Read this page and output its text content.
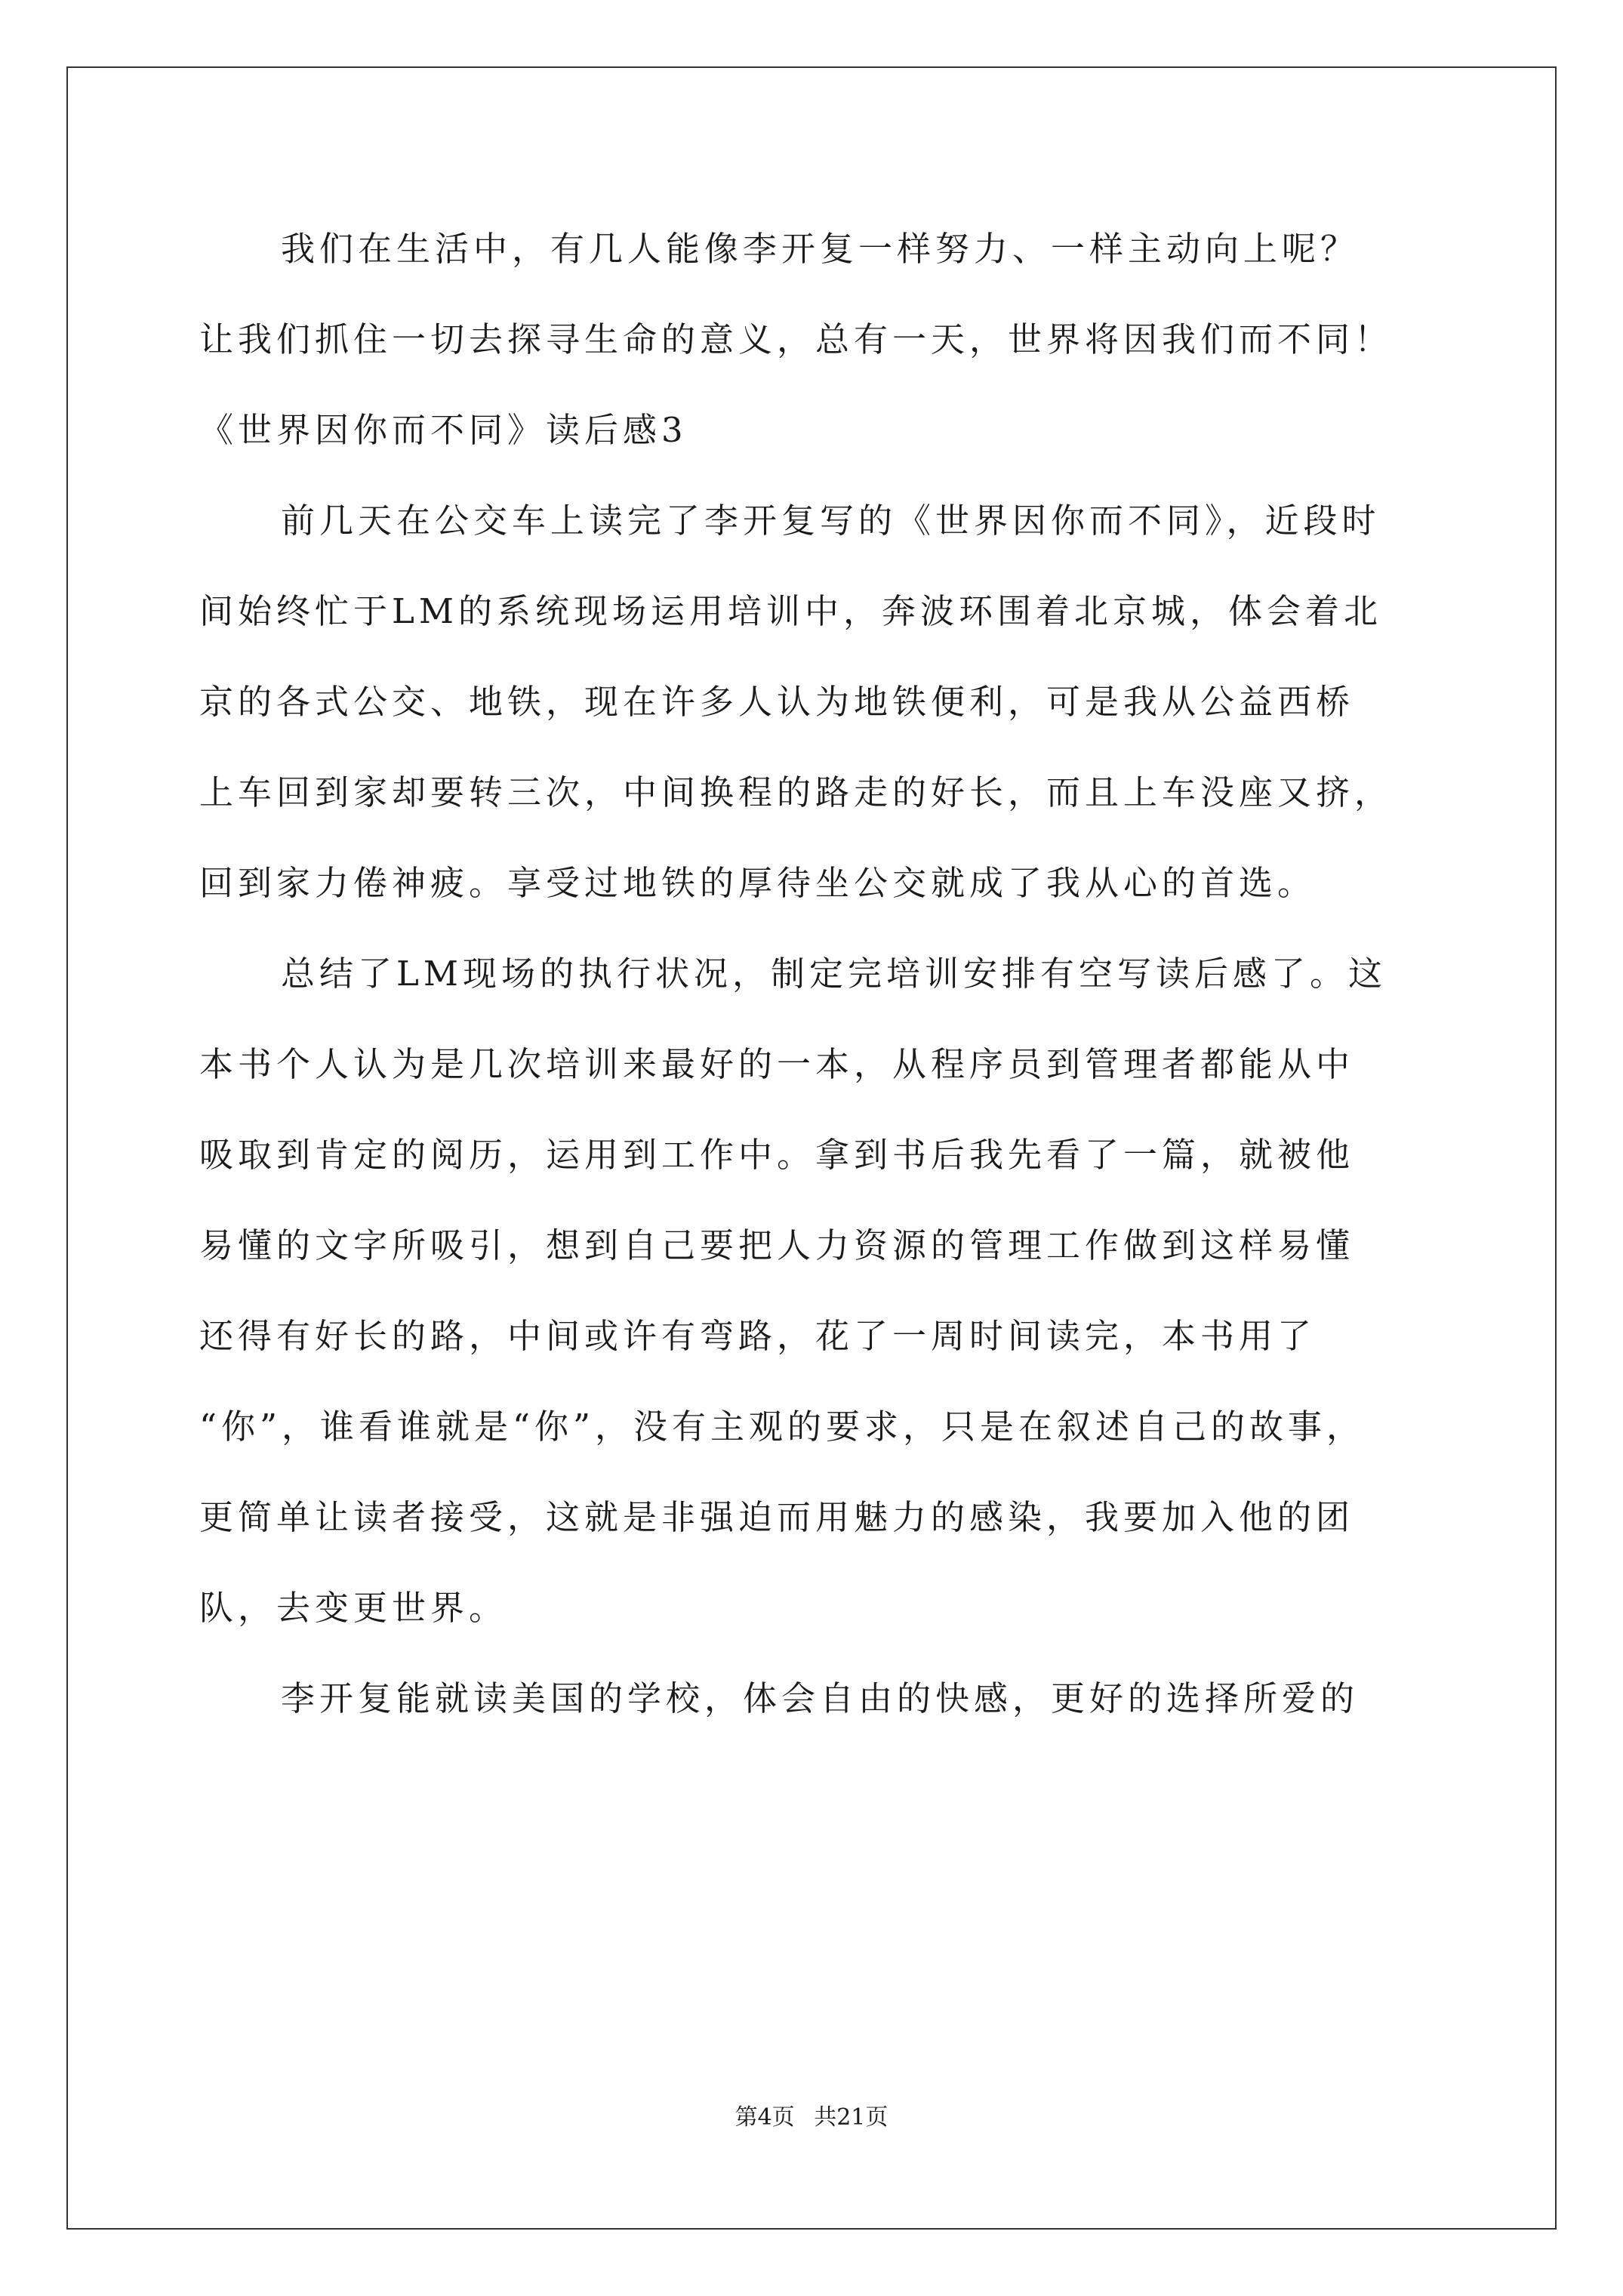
我们在生活中，有几人能像李开复一样努力、一样主动向上呢？
让我们抓住一切去探寻生命的意义，总有一天，世界将因我们而不同！
《世界因你而不同》读后感3
前几天在公交车上读完了李开复写的《世界因你而不同》，近段时
间始终忙于LM的系统现场运用培训中，奔波环围着北京城，体会着北
京的各式公交、地铁，现在许多人认为地铁便利，可是我从公益西桥
上车回到家却要转三次，中间换程的路走的好长，而且上车没座又挤，
回到家力倦神疲。享受过地铁的厚待坐公交就成了我从心的首选。
总结了LM现场的执行状况，制定完培训安排有空写读后感了。这
本书个人认为是几次培训来最好的一本，从程序员到管理者都能从中
吸取到肯定的阅历，运用到工作中。拿到书后我先看了一篇，就被他
易懂的文字所吸引，想到自己要把人力资源的管理工作做到这样易懂
还得有好长的路，中间或许有弯路，花了一周时间读完，本书用了
“你”，谁看谁就是“你”，没有主观的要求，只是在叙述自己的故事，
更简单让读者接受，这就是非强迫而用魅力的感染，我要加入他的团
队，去变更世界。
李开复能就读美国的学校，体会自由的快感，更好的选择所爱的
第4页 共21页
